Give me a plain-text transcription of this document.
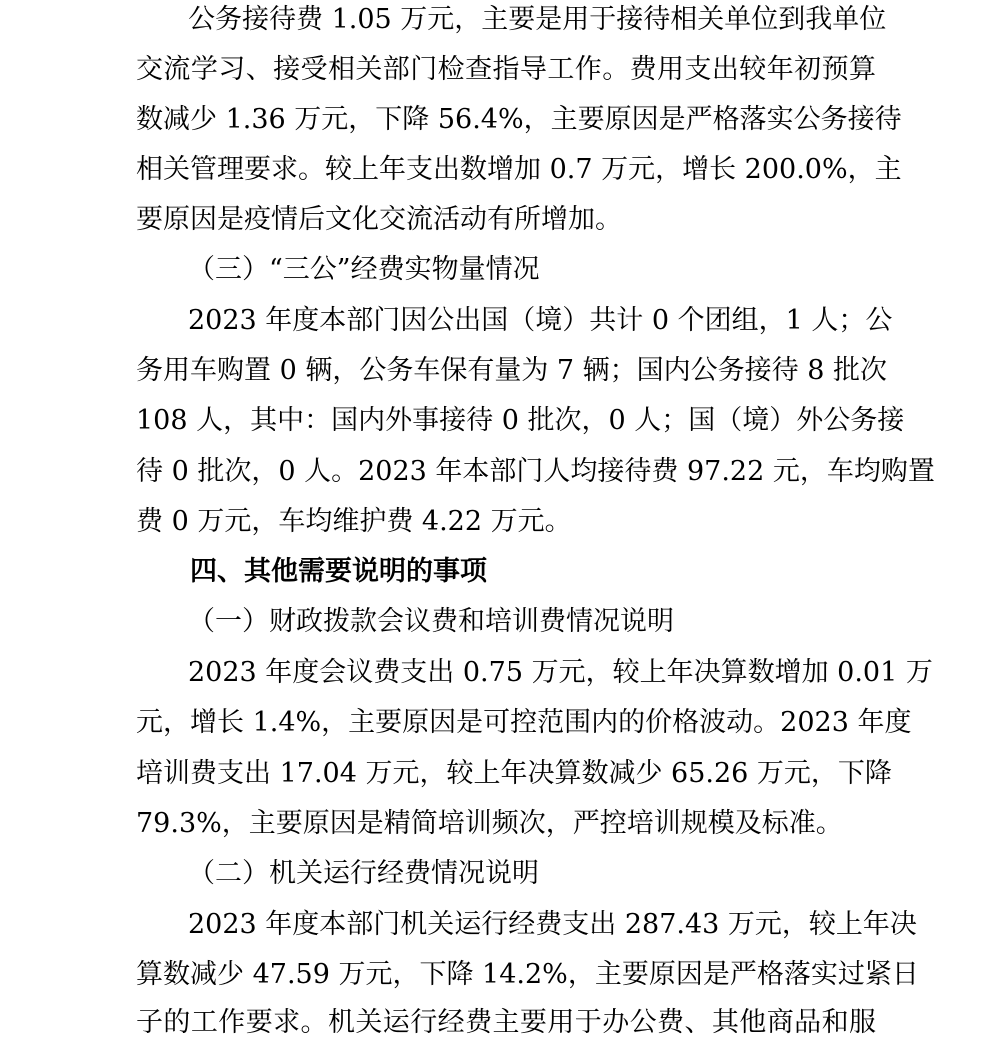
公务接待费 1.05 万元，主要是用于接待相关单位到我单位
交流学习、接受相关部门检查指导工作。费用支出较年初预算
数减少 1.36 万元，下降 56.4%，主要原因是严格落实公务接待
相关管理要求。较上年支出数增加 0.7 万元，增长 200.0%，主
要原因是疫情后文化交流活动有所增加。
（三）“三公”经费实物量情况
2023 年度本部门因公出国（境）共计 0 个团组，1 人；公
务用车购置 0 辆，公务车保有量为 7 辆；国内公务接待 8 批次
108 人，其中：国内外事接待 0 批次，0 人；国（境）外公务接
待 0 批次，0 人。2023 年本部门人均接待费 97.22 元，车均购置
费 0 万元，车均维护费 4.22 万元。
四、其他需要说明的事项
（一）财政拨款会议费和培训费情况说明
2023 年度会议费支出 0.75 万元，较上年决算数增加 0.01 万
元，增长 1.4%，主要原因是可控范围内的价格波动。2023 年度
培训费支出 17.04 万元，较上年决算数减少 65.26 万元，下降
79.3%，主要原因是精简培训频次，严控培训规模及标准。
（二）机关运行经费情况说明
2023 年度本部门机关运行经费支出 287.43 万元，较上年决
算数减少 47.59 万元，下降 14.2%，主要原因是严格落实过紧日
子的工作要求。机关运行经费主要用于办公费、其他商品和服
